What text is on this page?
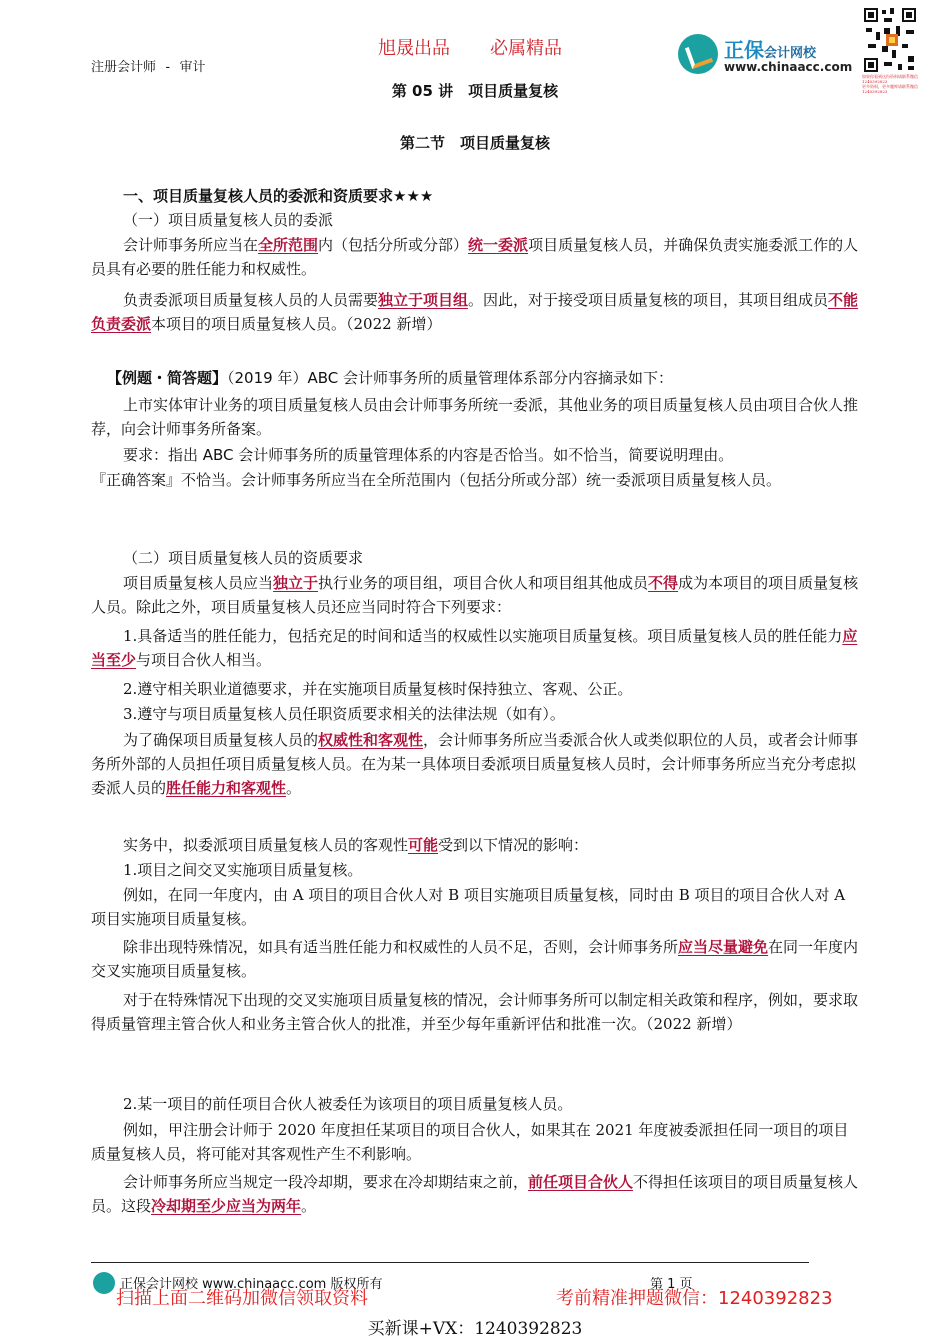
旭晟出品 必属精品
注册会计师 - 审计
正保会计网校
www.chinaacc.com
如果你看到这份资料请联系微信 1240392823
更多资料，更多题库请联系微信 1240392823
第 05 讲　项目质量复核
第二节　项目质量复核

一、项目质量复核人员的委派和资质要求★★★

（一）项目质量复核人员的委派

会计师事务所应当在全所范围内（包括分所或分部）统一委派项目质量复核人员，并确保负责实施委派工作的人员具有必要的胜任能力和权威性。

负责委派项目质量复核人员的人员需要独立于项目组。因此，对于接受项目质量复核的项目，其项目组成员不能负责委派本项目的项目质量复核人员。（2022 新增）

【例题・简答题】（2019 年）ABC 会计师事务所的质量管理体系部分内容摘录如下：

上市实体审计业务的项目质量复核人员由会计师事务所统一委派，其他业务的项目质量复核人员由项目合伙人推荐，向会计师事务所备案。

要求：指出 ABC 会计师事务所的质量管理体系的内容是否恰当。如不恰当，简要说明理由。

『正确答案』不恰当。会计师事务所应当在全所范围内（包括分所或分部）统一委派项目质量复核人员。

（二）项目质量复核人员的资质要求

项目质量复核人员应当独立于执行业务的项目组，项目合伙人和项目组其他成员不得成为本项目的项目质量复核人员。除此之外，项目质量复核人员还应当同时符合下列要求：

1.具备适当的胜任能力，包括充足的时间和适当的权威性以实施项目质量复核。项目质量复核人员的胜任能力应当至少与项目合伙人相当。

2.遵守相关职业道德要求，并在实施项目质量复核时保持独立、客观、公正。

3.遵守与项目质量复核人员任职资质要求相关的法律法规（如有）。

为了确保项目质量复核人员的权威性和客观性，会计师事务所应当委派合伙人或类似职位的人员，或者会计师事务所外部的人员担任项目质量复核人员。在为某一具体项目委派项目质量复核人员时，会计师事务所应当充分考虑拟委派人员的胜任能力和客观性。

实务中，拟委派项目质量复核人员的客观性可能受到以下情况的影响：

1.项目之间交叉实施项目质量复核。

例如，在同一年度内，由 A 项目的项目合伙人对 B 项目实施项目质量复核，同时由 B 项目的项目合伙人对 A 项目实施项目质量复核。

除非出现特殊情况，如具有适当胜任能力和权威性的人员不足，否则，会计师事务所应当尽量避免在同一年度内交叉实施项目质量复核。

对于在特殊情况下出现的交叉实施项目质量复核的情况，会计师事务所可以制定相关政策和程序，例如，要求取得质量管理主管合伙人和业务主管合伙人的批准，并至少每年重新评估和批准一次。（2022 新增）

2.某一项目的前任项目合伙人被委任为该项目的项目质量复核人员。

例如，甲注册会计师于 2020 年度担任某项目的项目合伙人，如果其在 2021 年度被委派担任同一项目的项目质量复核人员，将可能对其客观性产生不利影响。

会计师事务所应当规定一段冷却期，要求在冷却期结束之前，前任项目合伙人不得担任该项目的项目质量复核人员。这段冷却期至少应当为两年。

正保会计网校 www.chinaacc.com 版权所有	第 1 页
扫描上面二维码加微信领取资料	考前精准押题微信：1240392823
买新课+VX：1240392823
